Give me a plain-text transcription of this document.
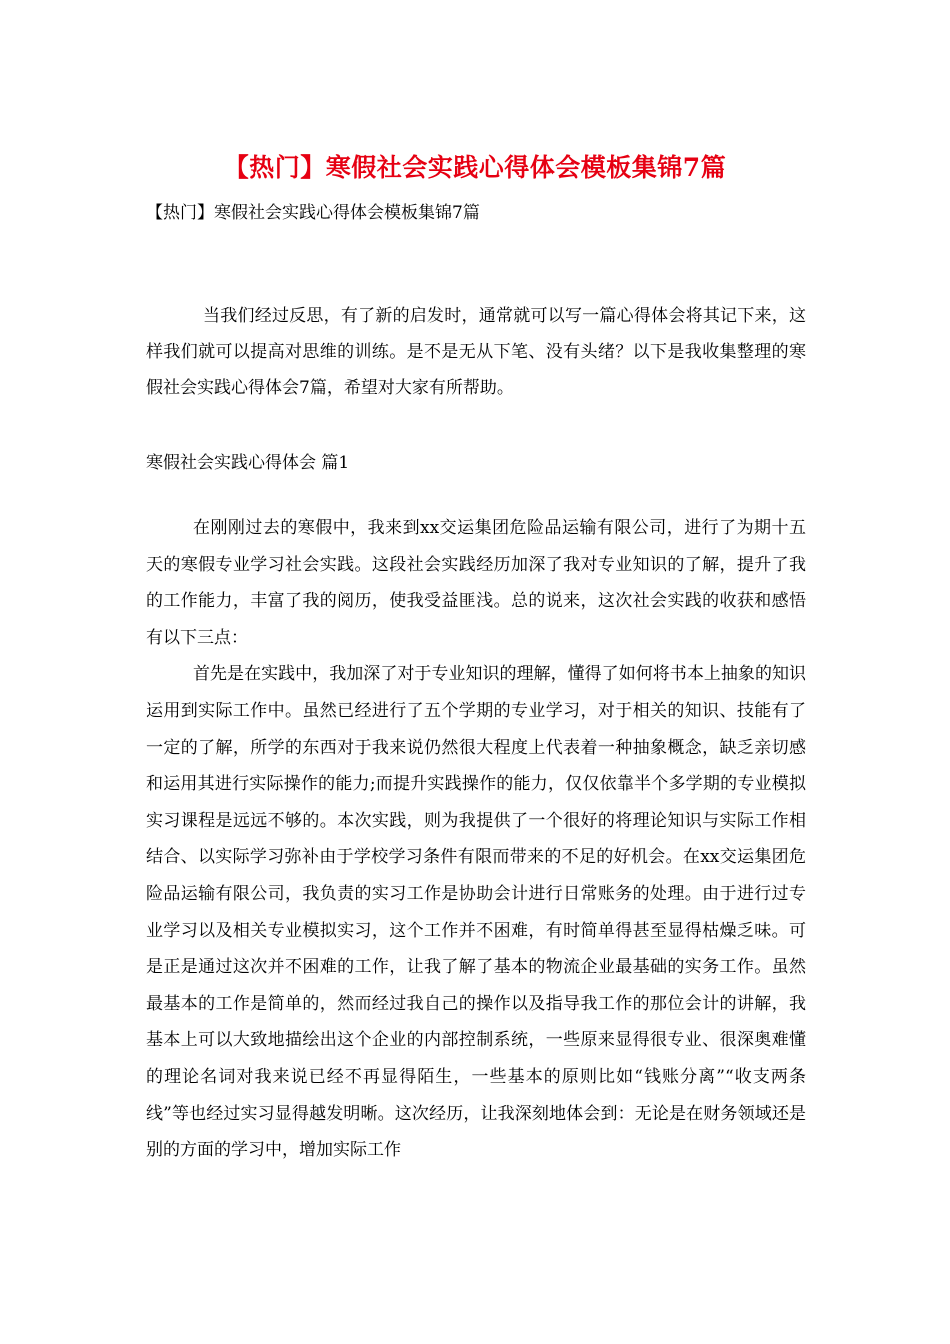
【热门】寒假社会实践心得体会模板集锦7篇
【热门】寒假社会实践心得体会模板集锦7篇

当我们经过反思，有了新的启发时，通常就可以写一篇心得体会将其记下来，这样我们就可以提高对思维的训练。是不是无从下笔、没有头绪？以下是我收集整理的寒假社会实践心得体会7篇，希望对大家有所帮助。

寒假社会实践心得体会 篇1

在刚刚过去的寒假中，我来到xx交运集团危险品运输有限公司，进行了为期十五天的寒假专业学习社会实践。这段社会实践经历加深了我对专业知识的了解，提升了我的工作能力，丰富了我的阅历，使我受益匪浅。总的说来，这次社会实践的收获和感悟有以下三点：

首先是在实践中，我加深了对于专业知识的理解，懂得了如何将书本上抽象的知识运用到实际工作中。虽然已经进行了五个学期的专业学习，对于相关的知识、技能有了一定的了解，所学的东西对于我来说仍然很大程度上代表着一种抽象概念，缺乏亲切感和运用其进行实际操作的能力;而提升实践操作的能力，仅仅依靠半个多学期的专业模拟实习课程是远远不够的。本次实践，则为我提供了一个很好的将理论知识与实际工作相结合、以实际学习弥补由于学校学习条件有限而带来的不足的好机会。在xx交运集团危险品运输有限公司，我负责的实习工作是协助会计进行日常账务的处理。由于进行过专业学习以及相关专业模拟实习，这个工作并不困难，有时简单得甚至显得枯燥乏味。可是正是通过这次并不困难的工作，让我了解了基本的物流企业最基础的实务工作。虽然最基本的工作是简单的，然而经过我自己的操作以及指导我工作的那位会计的讲解，我基本上可以大致地描绘出这个企业的内部控制系统，一些原来显得很专业、很深奥难懂的理论名词对我来说已经不再显得陌生，一些基本的原则比如“钱账分离”“收支两条线”等也经过实习显得越发明晰。这次经历，让我深刻地体会到：无论是在财务领域还是别的方面的学习中，增加实际工作
